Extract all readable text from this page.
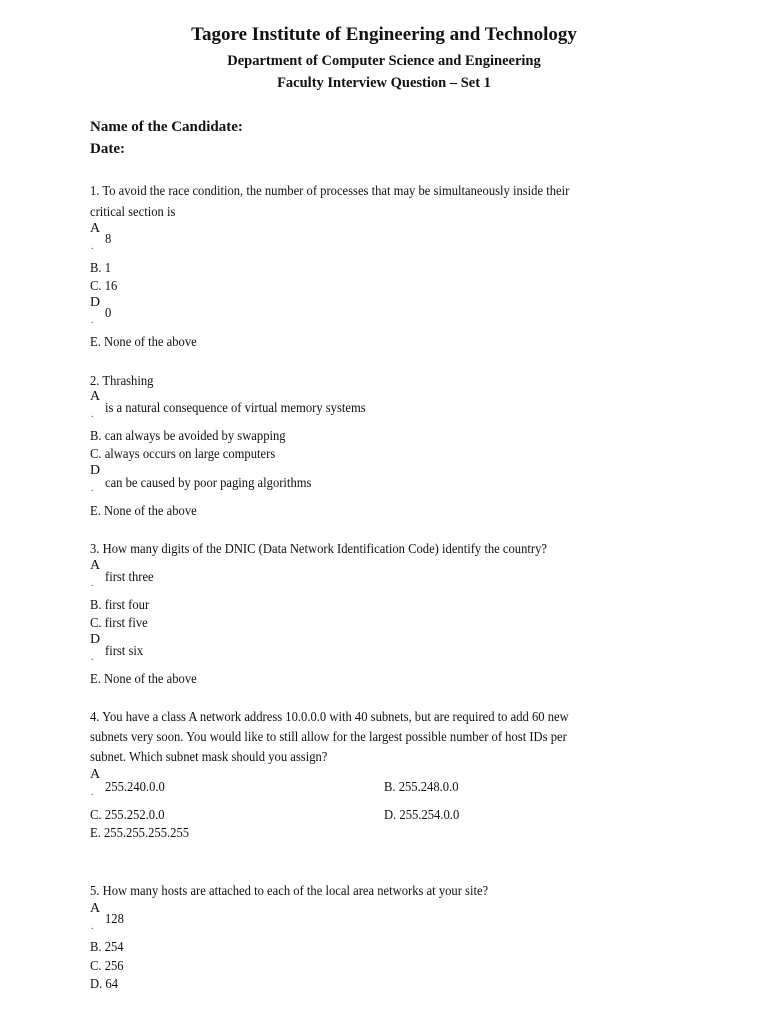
Tagore Institute of Engineering and Technology
Department of Computer Science and Engineering
Faculty Interview Question – Set 1
Name of the Candidate:
Date:
1. To avoid the race condition, the number of processes that may be simultaneously inside their
critical section is
A
. 8
B. 1
C. 16
D
. 0
E. None of the above
2. Thrashing
A
. is a natural consequence of virtual memory systems
B. can always be avoided by swapping
C. always occurs on large computers
D
. can be caused by poor paging algorithms
E. None of the above
3. How many digits of the DNIC (Data Network Identification Code) identify the country?
A
. first three
B. first four
C. first five
D
. first six
E. None of the above
4. You have a class A network address 10.0.0.0 with 40 subnets, but are required to add 60 new
subnets very soon. You would like to still allow for the largest possible number of host IDs per
subnet. Which subnet mask should you assign?
A
. 255.240.0.0	B. 255.248.0.0
C. 255.252.0.0	D. 255.254.0.0
E. 255.255.255.255
5. How many hosts are attached to each of the local area networks at your site?
A
. 128
B. 254
C. 256
D. 64
